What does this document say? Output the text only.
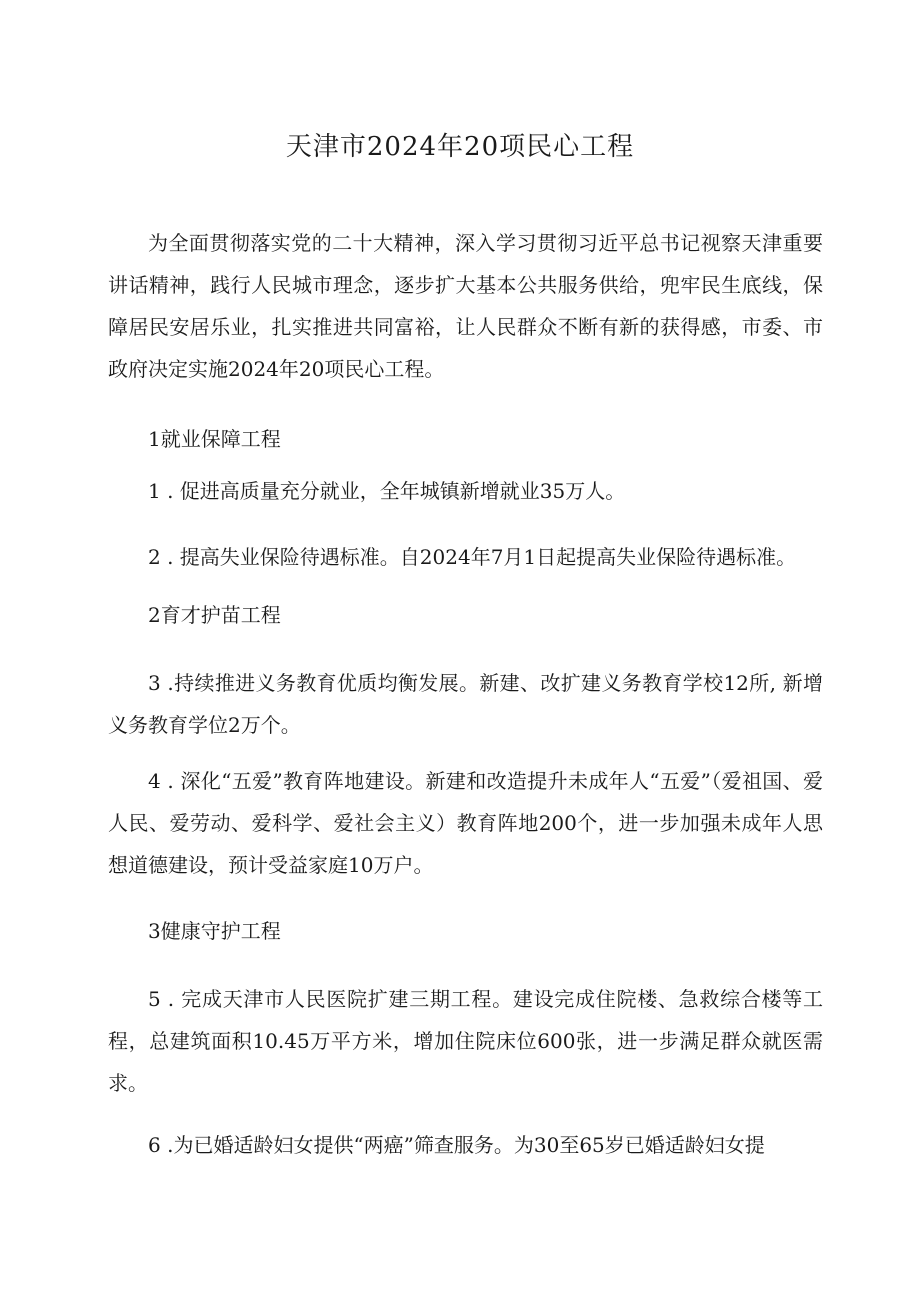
天津市2024年20项民心工程
为全面贯彻落实党的二十大精神，深入学习贯彻习近平总书记视察天津重要讲话精神，践行人民城市理念，逐步扩大基本公共服务供给，兜牢民生底线，保障居民安居乐业，扎实推进共同富裕，让人民群众不断有新的获得感，市委、市政府决定实施2024年20项民心工程。
1就业保障工程
1 . 促进高质量充分就业，全年城镇新增就业35万人。
2 . 提高失业保险待遇标准。自2024年7月1日起提高失业保险待遇标准。
2育才护苗工程
3 .持续推进义务教育优质均衡发展。新建、改扩建义务教育学校12所, 新增义务教育学位2万个。
4 . 深化“五爱”教育阵地建设。新建和改造提升未成年人“五爱”（爱祖国、爱人民、爱劳动、爱科学、爱社会主义）教育阵地200个，进一步加强未成年人思想道德建设，预计受益家庭10万户。
3健康守护工程
5 . 完成天津市人民医院扩建三期工程。建设完成住院楼、急救综合楼等工程，总建筑面积10.45万平方米，增加住院床位600张，进一步满足群众就医需求。
6 .为已婚适龄妇女提供“两癌”筛查服务。为30至65岁已婚适龄妇女提
